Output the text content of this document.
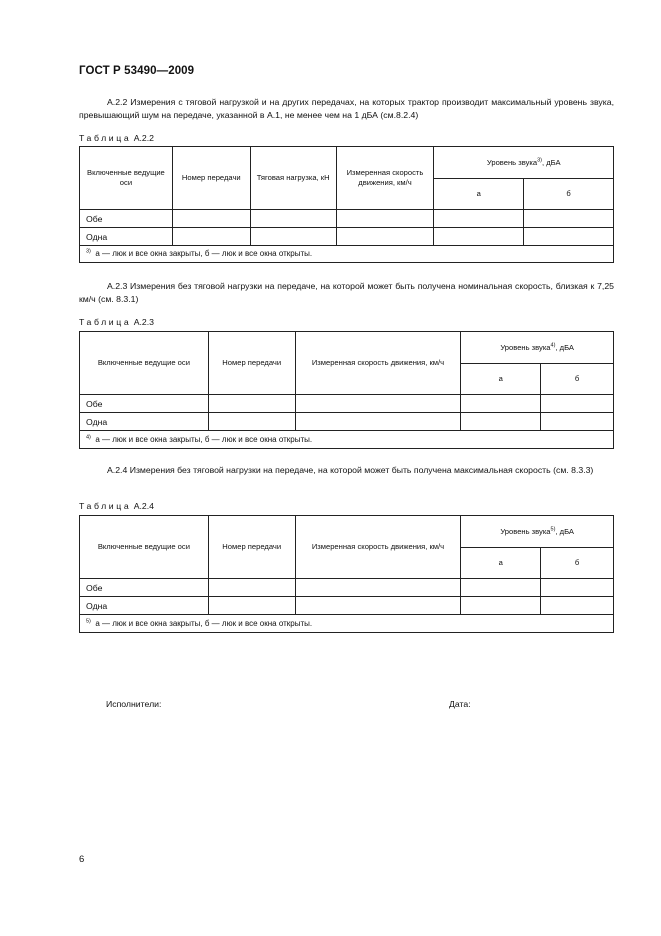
ГОСТ Р 53490—2009
А.2.2 Измерения с тяговой нагрузкой и на других передачах, на которых трактор производит максимальный уровень звука, превышающий шум на передаче, указанной в А.1, не менее чем на 1 дБА (см.8.2.4)
Таблица А.2.2
Включенные ведущие оси	Номер передачи	Тяговая нагрузка, кН	Измеренная скорость движения, км/ч	Уровень звука$^{3)}$, дБА	
				а	б
Обе					
Одна					
$^{3)}$ а — люк и все окна закрыты, б — люк и все окна открыты.					
А.2.3 Измерения без тяговой нагрузки на передаче, на которой может быть получена номинальная скорость, близкая к 7,25 км/ч (см. 8.3.1)
Таблица А.2.3
Включенные ведущие оси	Номер передачи	Измеренная скорость движения, км/ч	Уровень звука$^{4)}$, дБА	
			а	б
Обе				
Одна				
$^{4)}$ а — люк и все окна закрыты, б — люк и все окна открыты.				
А.2.4 Измерения без тяговой нагрузки на передаче, на которой может быть получена максимальная скорость (см. 8.3.3)
Таблица А.2.4
Включенные ведущие оси	Номер передачи	Измеренная скорость движения, км/ч	Уровень звука$^{5)}$, дБА	
			а	б
Обе				
Одна				
$^{5)}$ а — люк и все окна закрыты, б — люк и все окна открыты.				
Исполнители:	Дата:
6
